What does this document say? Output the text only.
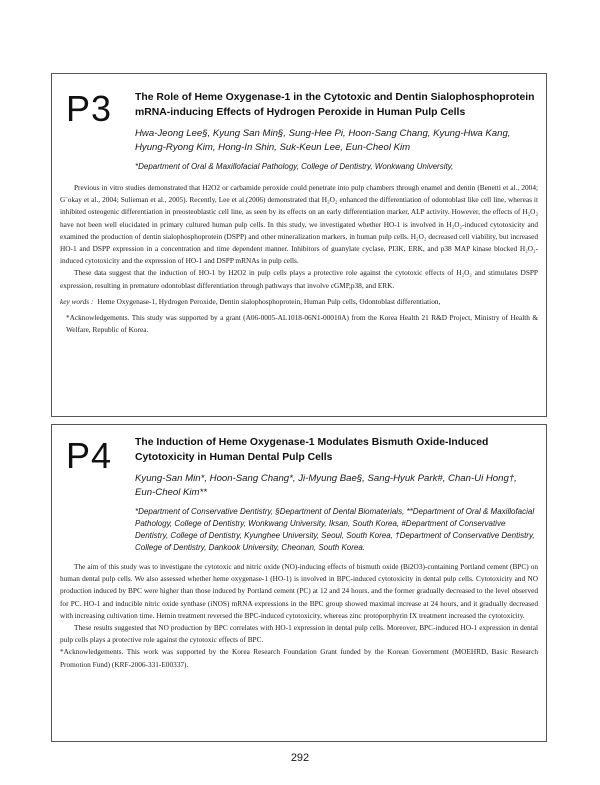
P3 The Role of Heme Oxygenase-1 in the Cytotoxic and Dentin Sialophosphoprotein mRNA-inducing Effects of Hydrogen Peroxide in Human Pulp Cells
Hwa-Jeong Lee§, Kyung San Min§, Sung-Hee Pi, Hoon-Sang Chang, Kyung-Hwa Kang, Hyung-Ryong Kim, Hong-In Shin, Suk-Keun Lee, Eun-Cheol Kim
*Department of Oral & Maxillofacial Pathology, College of Dentistry, Wonkwang University,

Previous in vitro studies demonstrated that H2O2 or carbamide peroxide could penetrate into pulp chambers through enamel and dentin (Benetti et al., 2004; G¨okay et al., 2004; Sulieman et al., 2005). Recently, Lee et al.(2006) demonstrated that H₂O₂ enhanced the differentiation of odontoblast like cell line, whereas it inhibited osteogenic differentiation in preosteoblastic cell line, as seen by its effects on an early differentiation marker, ALP activity. However, the effects of H₂O₂ have not been well elucidated in primary cultured human pulp cells. In this study, we investigated whether HO-1 is involved in H₂O₂-induced cytotoxicity and examined the production of dentin sialophosphoprotein (DSPP) and other mineralization markers, in human pulp cells. H₂O₂ decreased cell viability, but increased HO-1 and DSPP expression in a concentration and time dependent manner. Inhibitors of guanylate cyclase, PI3K, ERK, and p38 MAP kinase blocked H₂O₂-induced cytotoxicity and the expression of HO-1 and DSPP mRNAs in pulp cells.

These data suggest that the induction of HO-1 by H2O2 in pulp cells plays a protective role against the cytotoxic effects of H₂O₂ and stimulates DSPP expression, resulting in premature odontoblast differentiation through pathways that involve cGMP,p38, and ERK.

key words : Heme Oxygenase-1, Hydrogen Peroxide, Dentin sialophosphoprotein, Human Pulp cells, Odontoblast differentiation,

*Acknowledgements. This study was supported by a grant (A06-0005-AL1018-06N1-00010A) from the Korea Health 21 R&D Project, Ministry of Health & Welfare, Republic of Korea.

P4 The Induction of Heme Oxygenase-1 Modulates Bismuth Oxide-Induced Cytotoxicity in Human Dental Pulp Cells
Kyung-San Min*, Hoon-Sang Chang*, Ji-Myung Bae§, Sang-Hyuk Park#, Chan-Ui Hong†, Eun-Cheol Kim**
*Department of Conservative Dentistry, §Department of Dental Biomaterials, **Department of Oral & Maxillofacial Pathology, College of Dentistry, Wonkwang University, Iksan, South Korea, #Department of Conservative Dentistry, College of Dentistry, Kyunghee University, Seoul, South Korea, †Department of Conservative Dentistry, College of Dentistry, Dankook University, Cheonan, South Korea.

The aim of this study was to investigate the cytotoxic and nitric oxide (NO)-inducing effects of bismuth oxide (Bi2O3)-containing Portland cement (BPC) on human dental pulp cells. We also assessed whether heme oxygenase-1 (HO-1) is involved in BPC-induced cytotoxicity in dental pulp cells. Cytotoxicity and NO production induced by BPC were higher than those induced by Portland cement (PC) at 12 and 24 hours, and the former gradually decreased to the level observed for PC. HO-1 and inducible nitric oxide synthase (iNOS) mRNA expressions in the BPC group showed maximal increase at 24 hours, and it gradually decreased with increasing cultivation time. Hemin treatment reversed the BPC-induced cytotoxicity, whereas zinc protoporphyrin IX treatment increased the cytotoxicity.

These results suggested that NO production by BPC correlates with HO-1 expression in dental pulp cells. Moreover, BPC-induced HO-1 expression in dental pulp cells plays a protective role against the cytotoxic effects of BPC.

*Acknowledgements. This work was supported by the Korea Research Foundation Grant funded by the Korean Government (MOEHRD, Basic Research Promotion Fund) (KRF-2006-331-E00337).

292
